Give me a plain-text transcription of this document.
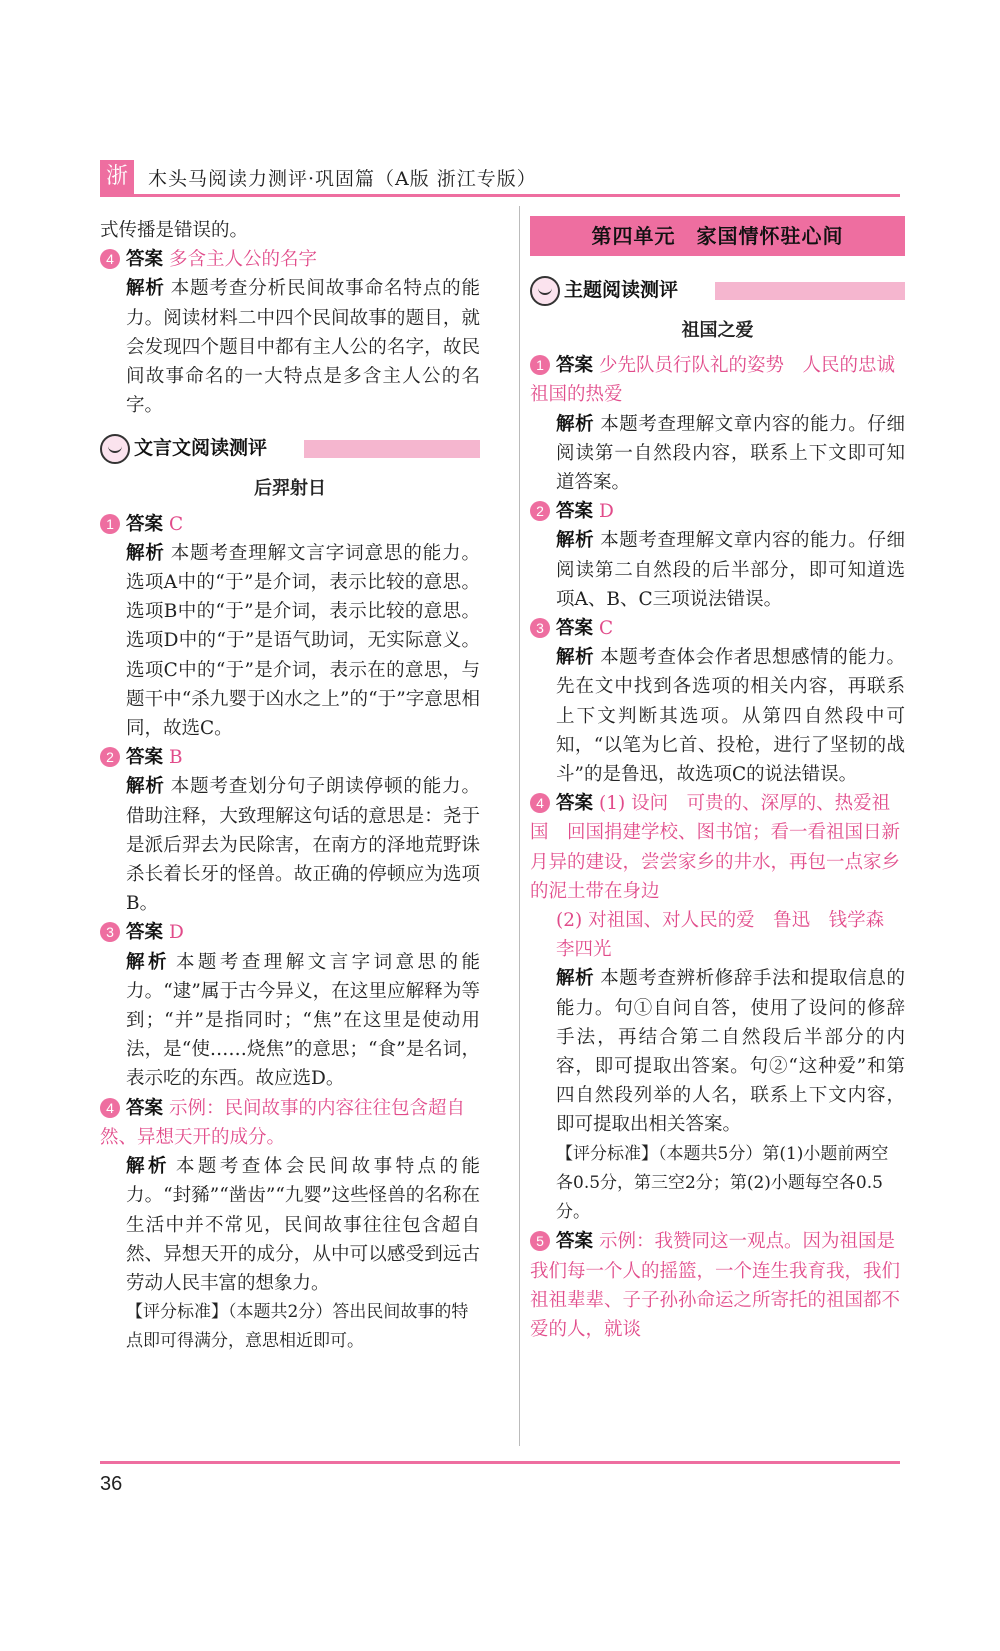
浙	木头马阅读力测评·巩固篇（A版 浙江专版）
式传播是错误的。
4 答案 多含主人公的名字
解析 本题考查分析民间故事命名特点的能力。阅读材料二中四个民间故事的题目，就会发现四个题目中都有主人公的名字，故民间故事命名的一大特点是多含主人公的名字。
文言文阅读测评
后羿射日
1 答案 C
解析 本题考查理解文言字词意思的能力。选项A中的“于”是介词，表示比较的意思。选项B中的“于”是介词，表示比较的意思。选项D中的“于”是语气助词，无实际意义。选项C中的“于”是介词，表示在的意思，与题干中“杀九婴于凶水之上”的“于”字意思相同，故选C。
2 答案 B
解析 本题考查划分句子朗读停顿的能力。借助注释，大致理解这句话的意思是：尧于是派后羿去为民除害，在南方的泽地荒野诛杀长着长牙的怪兽。故正确的停顿应为选项B。
3 答案 D
解析 本题考查理解文言字词意思的能力。“逮”属于古今异义，在这里应解释为等到；“并”是指同时；“焦”在这里是使动用法，是“使……烧焦”的意思；“食”是名词，表示吃的东西。故应选D。
4 答案 示例：民间故事的内容往往包含超自然、异想天开的成分。
解析 本题考查体会民间故事特点的能力。“封豨”“凿齿”“九婴”这些怪兽的名称在生活中并不常见，民间故事往往包含超自然、异想天开的成分，从中可以感受到远古劳动人民丰富的想象力。
【评分标准】（本题共2分）答出民间故事的特点即可得满分，意思相近即可。
第四单元　家国情怀驻心间
主题阅读测评
祖国之爱
1 答案 少先队员行队礼的姿势　人民的忠诚　祖国的热爱
解析 本题考查理解文章内容的能力。仔细阅读第一自然段内容，联系上下文即可知道答案。
2 答案 D
解析 本题考查理解文章内容的能力。仔细阅读第二自然段的后半部分，即可知道选项A、B、C三项说法错误。
3 答案 C
解析 本题考查体会作者思想感情的能力。先在文中找到各选项的相关内容，再联系上下文判断其选项。从第四自然段中可知，“以笔为匕首、投枪，进行了坚韧的战斗”的是鲁迅，故选项C的说法错误。
4 答案 (1) 设问　可贵的、深厚的、热爱祖国　回国捐建学校、图书馆；看一看祖国日新月异的建设，尝尝家乡的井水，再包一点家乡的泥土带在身边
(2) 对祖国、对人民的爱　鲁迅　钱学森　李四光
解析 本题考查辨析修辞手法和提取信息的能力。句①自问自答，使用了设问的修辞手法，再结合第二自然段后半部分的内容，即可提取出答案。句②“这种爱”和第四自然段列举的人名，联系上下文内容，即可提取出相关答案。
【评分标准】（本题共5分）第(1)小题前两空各0.5分，第三空2分；第(2)小题每空各0.5分。
5 答案 示例：我赞同这一观点。因为祖国是我们每一个人的摇篮，一个连生我育我，我们祖祖辈辈、子子孙孙命运之所寄托的祖国都不爱的人，就谈
36
